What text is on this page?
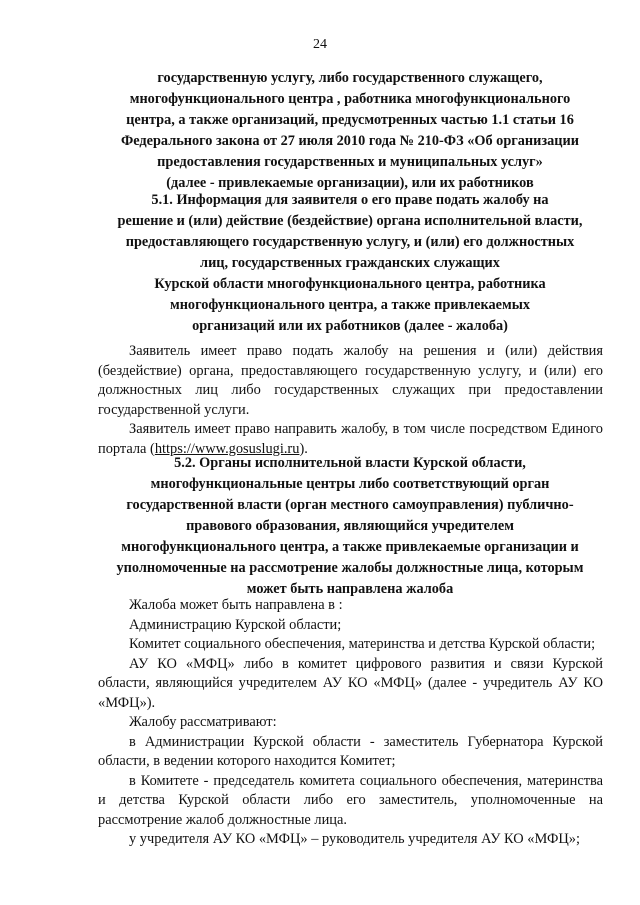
24
государственную услугу, либо государственного служащего,
многофункционального центра , работника многофункционального
центра, а также организаций, предусмотренных частью 1.1 статьи 16
Федерального закона от 27 июля 2010 года № 210-ФЗ «Об организации
предоставления государственных и муниципальных услуг»
(далее - привлекаемые организации), или их работников
5.1. Информация для заявителя о его праве подать жалобу на
решение и (или) действие (бездействие) органа исполнительной власти,
предоставляющего государственную услугу, и (или) его должностных
лиц, государственных гражданских служащих
Курской области многофункционального центра, работника
многофункционального центра, а также привлекаемых
организаций или их работников (далее - жалоба)

Заявитель имеет право подать жалобу на решения и (или) действия (бездействие) органа, предоставляющего государственную услугу, и (или) его должностных лиц либо государственных служащих при предоставлении государственной услуги.

Заявитель имеет право направить жалобу, в том числе посредством Единого портала (https://www.gosuslugi.ru).

5.2. Органы исполнительной власти Курской области,
многофункциональные центры либо соответствующий орган
государственной власти (орган местного самоуправления) публично-
правового образования, являющийся учредителем
многофункционального центра, а также привлекаемые организации и
уполномоченные на рассмотрение жалобы должностные лица, которым
может быть направлена жалоба

Жалоба может быть направлена в :

Администрацию Курской области;

Комитет социального обеспечения, материнства и детства Курской области;

АУ КО «МФЦ» либо в комитет цифрового развития и связи Курской области, являющийся учредителем АУ КО «МФЦ» (далее - учредитель АУ КО «МФЦ»).

Жалобу рассматривают:

в Администрации Курской области - заместитель Губернатора Курской области, в ведении которого находится Комитет;

в Комитете - председатель комитета социального обеспечения, материнства и детства Курской области либо его заместитель, уполномоченные на рассмотрение жалоб должностные лица.

у учредителя АУ КО «МФЦ» – руководитель учредителя АУ КО «МФЦ»;
